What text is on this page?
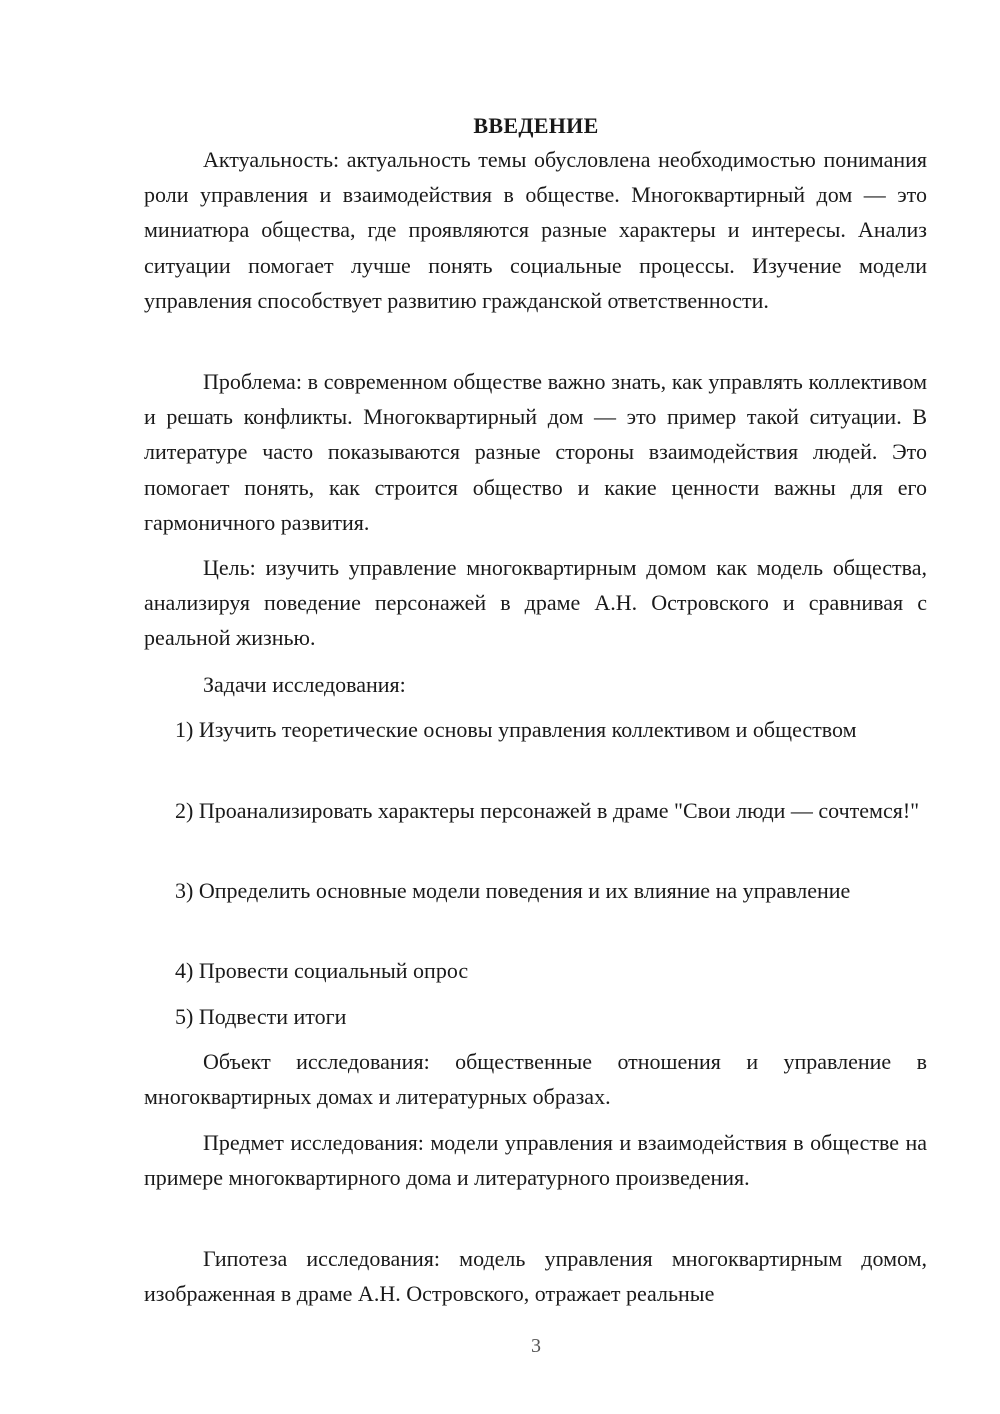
ВВЕДЕНИЕ

Актуальность: актуальность темы обусловлена необходимостью понимания роли управления и взаимодействия в обществе. Многоквартирный дом — это миниатюра общества, где проявляются разные характеры и интересы. Анализ ситуации помогает лучше понять социальные процессы. Изучение модели управления способствует развитию гражданской ответственности.

Проблема: в современном обществе важно знать, как управлять коллективом и решать конфликты. Многоквартирный дом — это пример такой ситуации. В литературе часто показываются разные стороны взаимодействия людей. Это помогает понять, как строится общество и какие ценности важны для его гармоничного развития.

Цель: изучить управление многоквартирным домом как модель общества, анализируя поведение персонажей в драме А.Н. Островского и сравнивая с реальной жизнью.

Задачи исследования:

1) Изучить теоретические основы управления коллективом и обществом

2) Проанализировать характеры персонажей в драме "Свои люди — сочтемся!"

3) Определить основные модели поведения и их влияние на управление

4) Провести социальный опрос

5) Подвести итоги

Объект исследования: общественные отношения и управление в многоквартирных домах и литературных образах.

Предмет исследования: модели управления и взаимодействия в обществе на примере многоквартирного дома и литературного произведения.

Гипотеза исследования: модель управления многоквартирным домом, изображенная в драме А.Н. Островского, отражает реальные

3
